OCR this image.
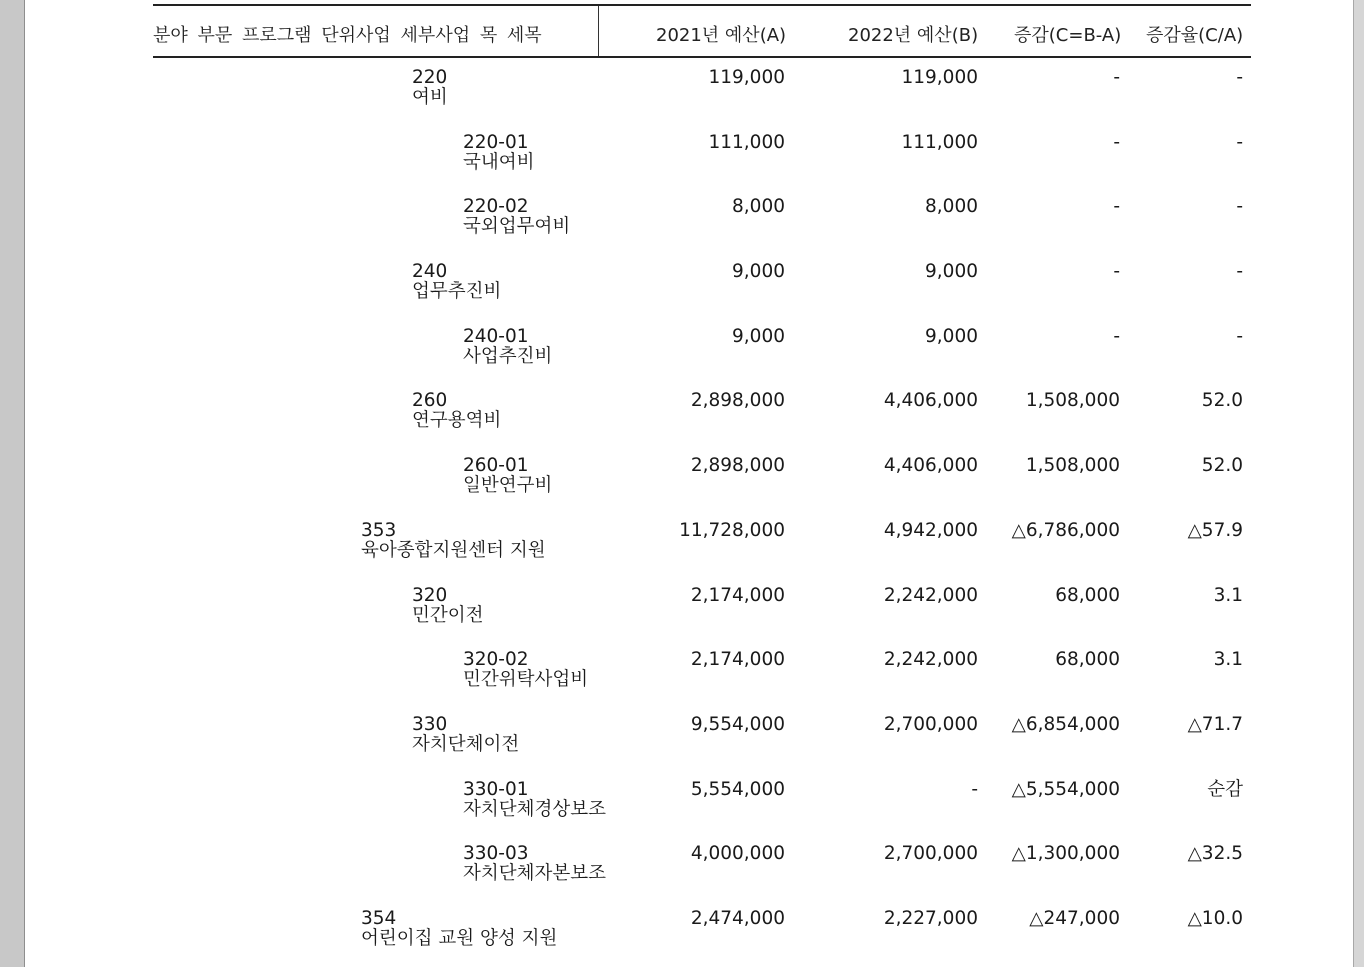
분야 부문 프로그램 단위사업 세부사업 목 세목	2021년 예산(A)	2022년 예산(B) 증감(C=B-A) 증감율(C/A)
220
여비
119,000	119,000	-	-
220-01
국내여비
111,000	111,000	-	-
220-02
국외업무여비
8,000	8,000	-	-
240
업무추진비
9,000	9,000	-	-
240-01
사업추진비
9,000	9,000	-	-
260
연구용역비
2,898,000	4,406,000	1,508,000	52.0
260-01
일반연구비
2,898,000	4,406,000	1,508,000	52.0
353
육아종합지원센터 지원
11,728,000	4,942,000 △6,786,000	△57.9
320
민간이전
2,174,000	2,242,000	68,000	3.1
320-02
민간위탁사업비
2,174,000	2,242,000	68,000	3.1
330
자치단체이전
9,554,000	2,700,000 △6,854,000	△71.7
330-01
자치단체경상보조
5,554,000	- △5,554,000	순감
330-03
자치단체자본보조
4,000,000	2,700,000 △1,300,000	△32.5
354
어린이집 교원 양성 지원
2,474,000	2,227,000	△247,000	△10.0
